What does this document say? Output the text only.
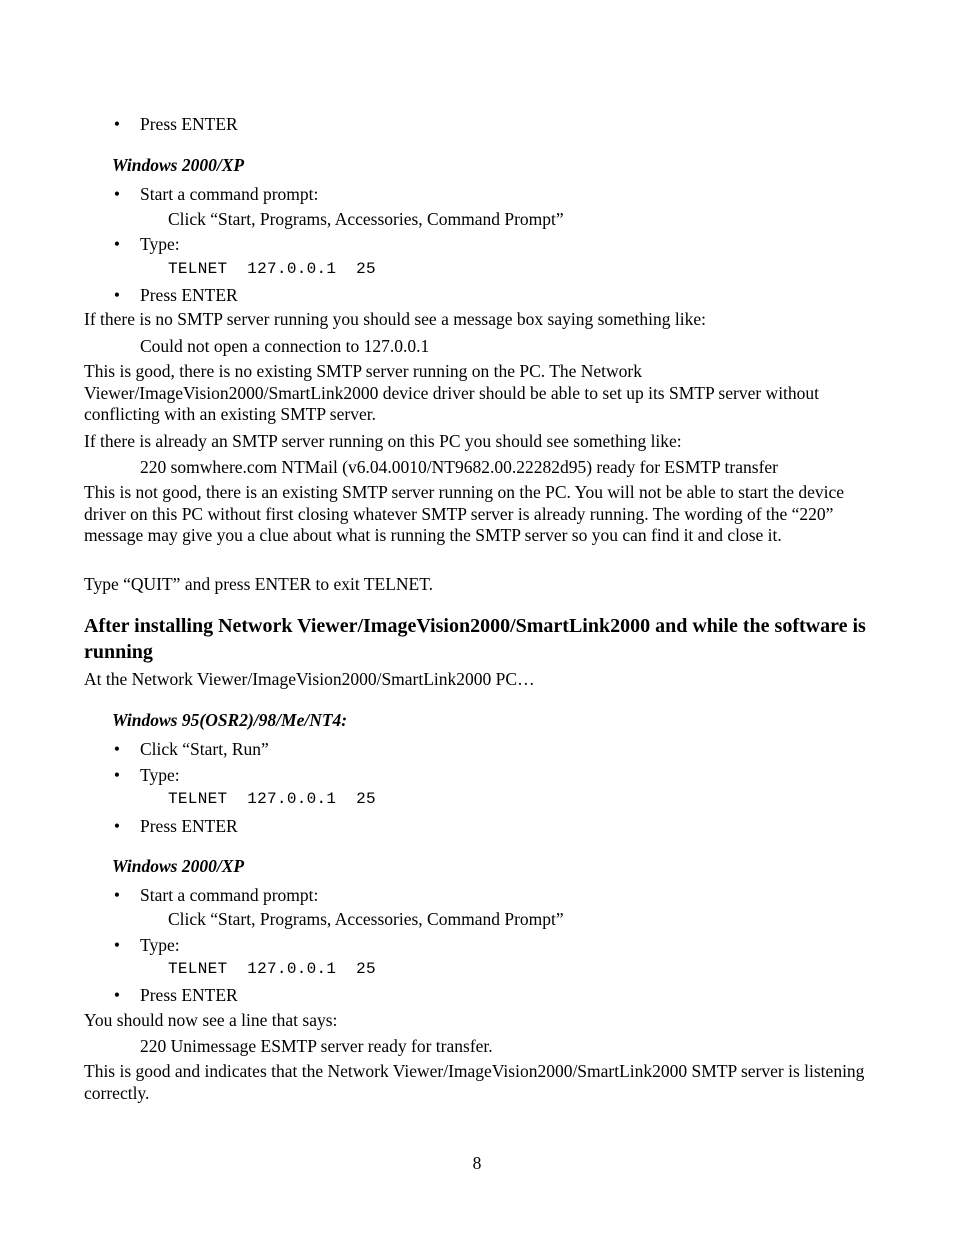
• Press ENTER
Windows 2000/XP
• Start a command prompt:
Click “Start, Programs, Accessories, Command Prompt”
• Type:
TELNET  127.0.0.1  25
• Press ENTER
If there is no SMTP server running you should see a message box saying something like:
Could not open a connection to 127.0.0.1
This is good, there is no existing SMTP server running on the PC. The Network Viewer/ImageVision2000/SmartLink2000 device driver should be able to set up its SMTP server without conflicting with an existing SMTP server.
If there is already an SMTP server running on this PC you should see something like:
220 somwhere.com NTMail (v6.04.0010/NT9682.00.22282d95) ready for ESMTP transfer
This is not good, there is an existing SMTP server running on the PC. You will not be able to start the device driver on this PC without first closing whatever SMTP server is already running. The wording of the “220” message may give you a clue about what is running the SMTP server so you can find it and close it.
Type “QUIT” and press ENTER to exit TELNET.
After installing Network Viewer/ImageVision2000/SmartLink2000 and while the software is running
At the Network Viewer/ImageVision2000/SmartLink2000 PC…
Windows 95(OSR2)/98/Me/NT4:
• Click “Start, Run”
• Type:
TELNET  127.0.0.1  25
• Press ENTER
Windows 2000/XP
• Start a command prompt:
Click “Start, Programs, Accessories, Command Prompt”
• Type:
TELNET  127.0.0.1  25
• Press ENTER
You should now see a line that says:
220 Unimessage ESMTP server ready for transfer.
This is good and indicates that the Network Viewer/ImageVision2000/SmartLink2000 SMTP server is listening correctly.
8
